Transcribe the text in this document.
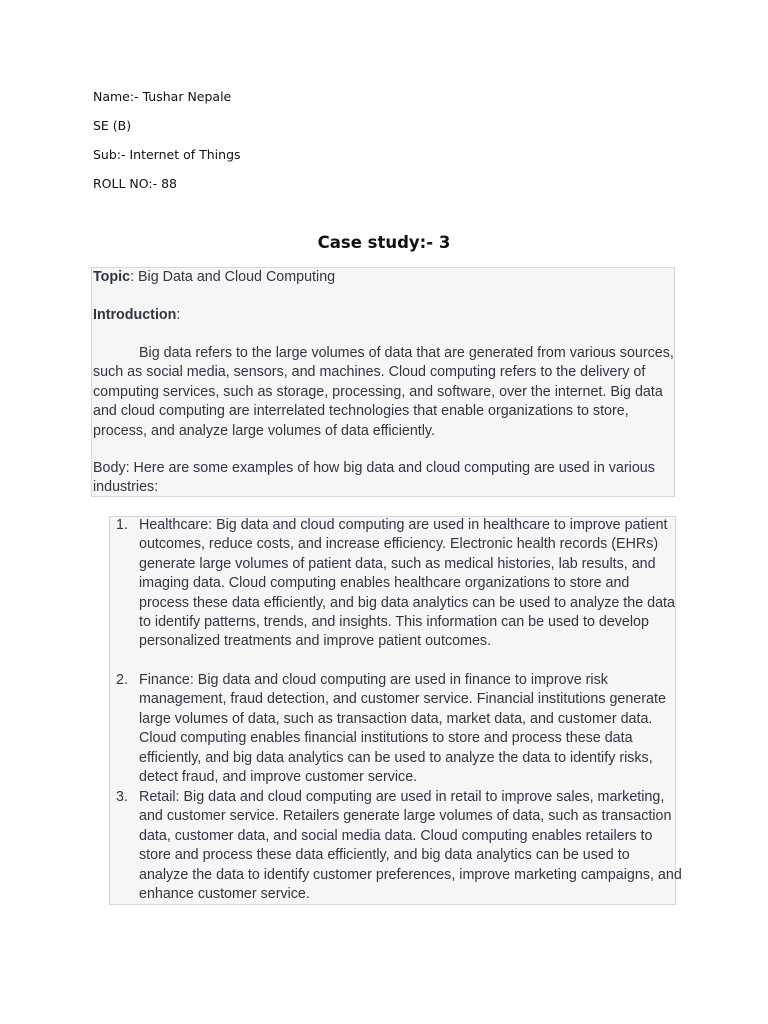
Name:- Tushar Nepale
SE (B)
Sub:- Internet of Things
ROLL NO:- 88
Case study:- 3
Topic: Big Data and Cloud Computing
Introduction:
Big data refers to the large volumes of data that are generated from various sources, such as social media, sensors, and machines. Cloud computing refers to the delivery of computing services, such as storage, processing, and software, over the internet. Big data and cloud computing are interrelated technologies that enable organizations to store, process, and analyze large volumes of data efficiently.
Body: Here are some examples of how big data and cloud computing are used in various industries:
1. Healthcare: Big data and cloud computing are used in healthcare to improve patient outcomes, reduce costs, and increase efficiency. Electronic health records (EHRs) generate large volumes of patient data, such as medical histories, lab results, and imaging data. Cloud computing enables healthcare organizations to store and process these data efficiently, and big data analytics can be used to analyze the data to identify patterns, trends, and insights. This information can be used to develop personalized treatments and improve patient outcomes.
2. Finance: Big data and cloud computing are used in finance to improve risk management, fraud detection, and customer service. Financial institutions generate large volumes of data, such as transaction data, market data, and customer data. Cloud computing enables financial institutions to store and process these data efficiently, and big data analytics can be used to analyze the data to identify risks, detect fraud, and improve customer service.
3. Retail: Big data and cloud computing are used in retail to improve sales, marketing, and customer service. Retailers generate large volumes of data, such as transaction data, customer data, and social media data. Cloud computing enables retailers to store and process these data efficiently, and big data analytics can be used to analyze the data to identify customer preferences, improve marketing campaigns, and enhance customer service.
